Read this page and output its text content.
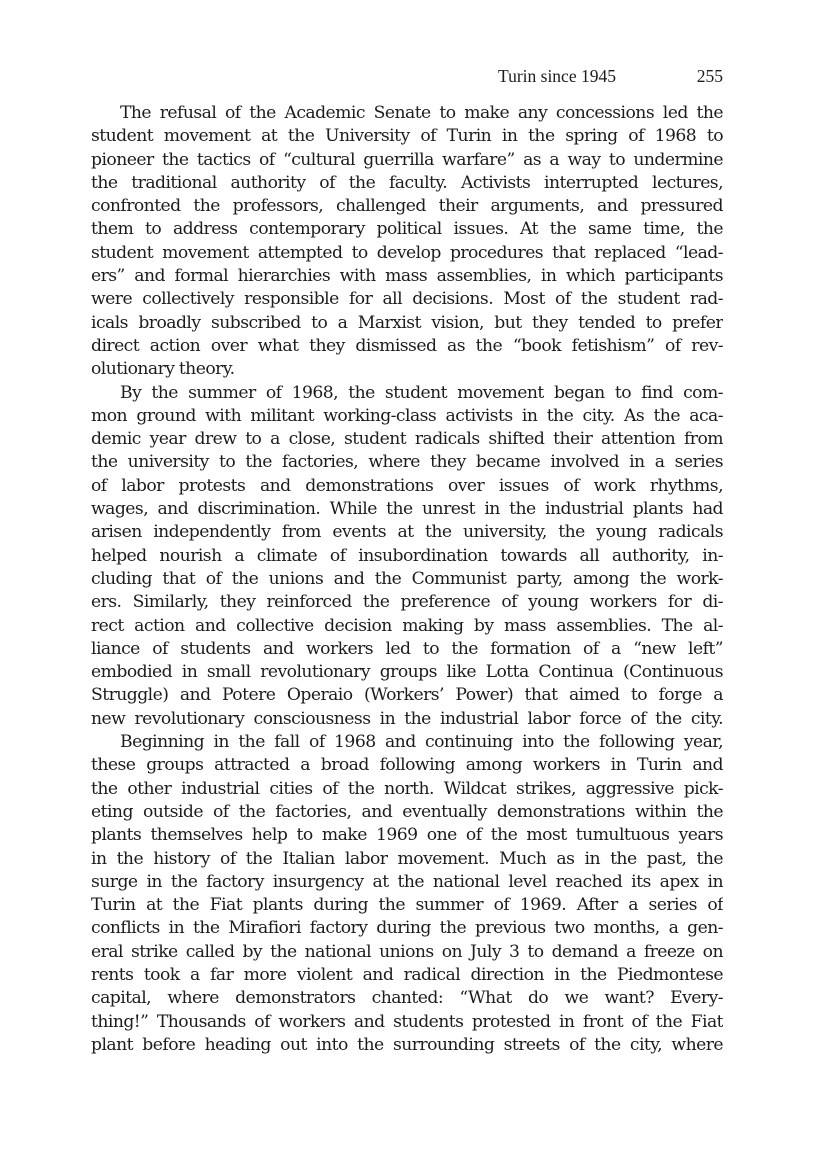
Turin since 1945	255

The refusal of the Academic Senate to make any concessions led the
student movement at the University of Turin in the spring of 1968 to
pioneer the tactics of “cultural guerrilla warfare” as a way to undermine
the traditional authority of the faculty. Activists interrupted lectures,
confronted the professors, challenged their arguments, and pressured
them to address contemporary political issues. At the same time, the
student movement attempted to develop procedures that replaced “lead-
ers” and formal hierarchies with mass assemblies, in which participants
were collectively responsible for all decisions. Most of the student rad-
icals broadly subscribed to a Marxist vision, but they tended to prefer
direct action over what they dismissed as the “book fetishism” of rev-
olutionary theory.

By the summer of 1968, the student movement began to find com-
mon ground with militant working-class activists in the city. As the aca-
demic year drew to a close, student radicals shifted their attention from
the university to the factories, where they became involved in a series
of labor protests and demonstrations over issues of work rhythms,
wages, and discrimination. While the unrest in the industrial plants had
arisen independently from events at the university, the young radicals
helped nourish a climate of insubordination towards all authority, in-
cluding that of the unions and the Communist party, among the work-
ers. Similarly, they reinforced the preference of young workers for di-
rect action and collective decision making by mass assemblies. The al-
liance of students and workers led to the formation of a “new left”
embodied in small revolutionary groups like Lotta Continua (Continuous
Struggle) and Potere Operaio (Workers’ Power) that aimed to forge a
new revolutionary consciousness in the industrial labor force of the city.

Beginning in the fall of 1968 and continuing into the following year,
these groups attracted a broad following among workers in Turin and
the other industrial cities of the north. Wildcat strikes, aggressive pick-
eting outside of the factories, and eventually demonstrations within the
plants themselves help to make 1969 one of the most tumultuous years
in the history of the Italian labor movement. Much as in the past, the
surge in the factory insurgency at the national level reached its apex in
Turin at the Fiat plants during the summer of 1969. After a series of
conflicts in the Mirafiori factory during the previous two months, a gen-
eral strike called by the national unions on July 3 to demand a freeze on
rents took a far more violent and radical direction in the Piedmontese
capital, where demonstrators chanted: “What do we want? Every-
thing!” Thousands of workers and students protested in front of the Fiat
plant before heading out into the surrounding streets of the city, where
